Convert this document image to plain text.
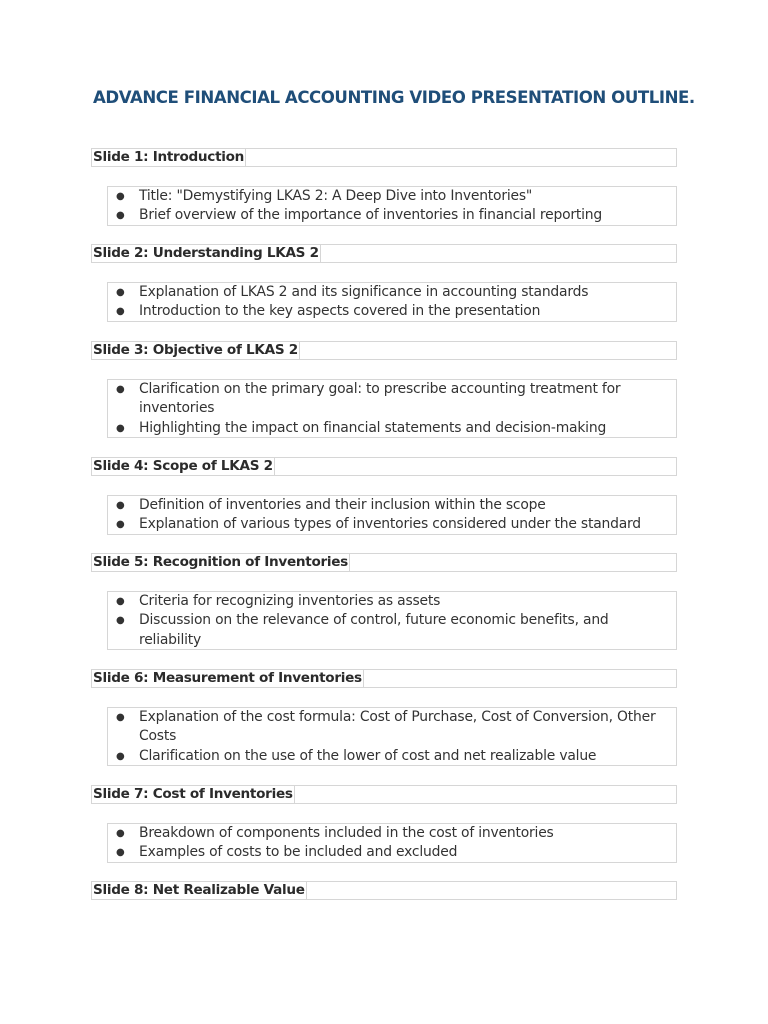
ADVANCE FINANCIAL ACCOUNTING VIDEO PRESENTATION OUTLINE.
Slide 1: Introduction
● Title: "Demystifying LKAS 2: A Deep Dive into Inventories"
● Brief overview of the importance of inventories in financial reporting
Slide 2: Understanding LKAS 2
● Explanation of LKAS 2 and its significance in accounting standards
● Introduction to the key aspects covered in the presentation
Slide 3: Objective of LKAS 2
● Clarification on the primary goal: to prescribe accounting treatment for inventories
● Highlighting the impact on financial statements and decision-making
Slide 4: Scope of LKAS 2
● Definition of inventories and their inclusion within the scope
● Explanation of various types of inventories considered under the standard
Slide 5: Recognition of Inventories
● Criteria for recognizing inventories as assets
● Discussion on the relevance of control, future economic benefits, and reliability
Slide 6: Measurement of Inventories
● Explanation of the cost formula: Cost of Purchase, Cost of Conversion, Other Costs
● Clarification on the use of the lower of cost and net realizable value
Slide 7: Cost of Inventories
● Breakdown of components included in the cost of inventories
● Examples of costs to be included and excluded
Slide 8: Net Realizable Value
